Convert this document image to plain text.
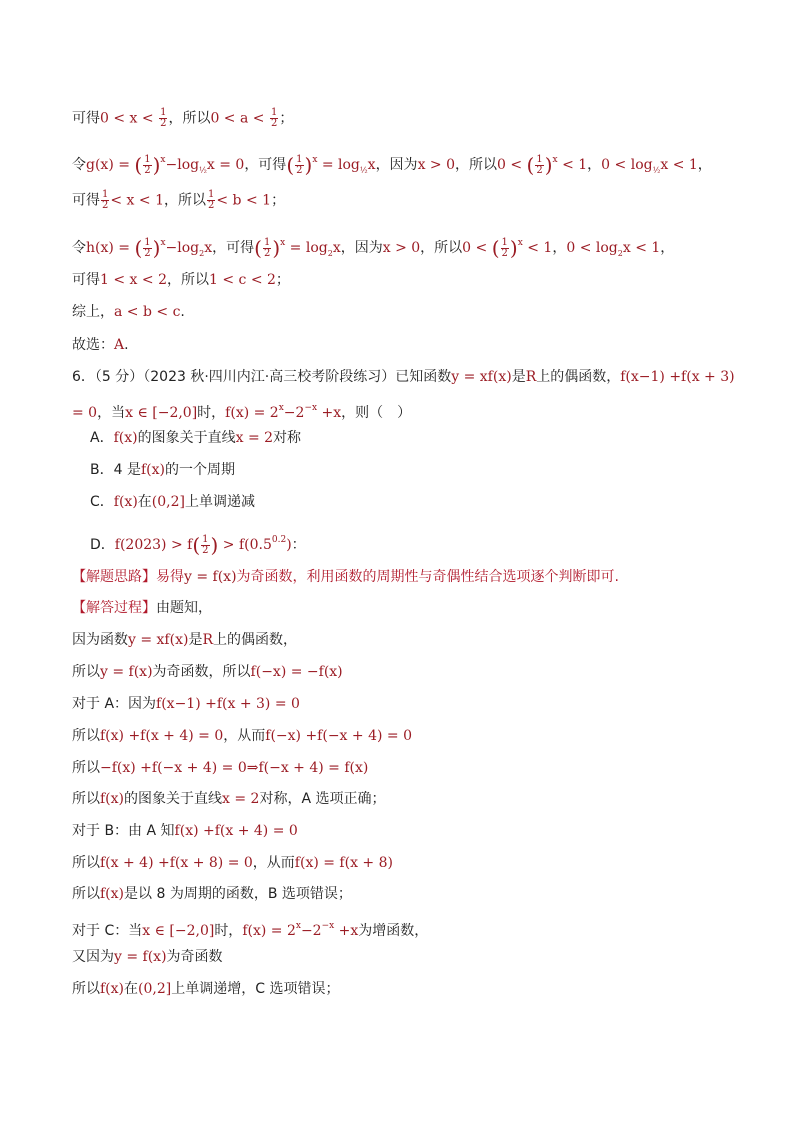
可得$0 < x < \frac{1}{2}$ ，所以$0 < a < \frac{1}{2}$ ；
令g(x) = ( $\frac{1}{2} )^x-\log_{\frac{1}{2}}x = 0$，可得( $\frac{1}{2} )^x = \log_{\frac{1}{2}}x$，因为x > 0，所以0 < ( $\frac{1}{2} )^x < 1$，$0 < \log_{\frac{1}{2}}x < 1$，
可得 $\frac{1}{2} < x < 1$，所以 $\frac{1}{2} < b < 1$；
令h(x) = ( $\frac{1}{2} )^x-\log_2x$，可得( $\frac{1}{2} )^x = \log_2x$，因为x > 0，所以0 < ( $\frac{1}{2} )^x < 1$，$0 < \log_2x < 1$，
可得1 < x < 2，所以1 < c < 2；
综上，a < b < c.
故选：A.
6．（5 分）（2023 秋·四川内江·高三校考阶段练习）已知函数y = xf(x)是R上的偶函数，f(x−1) +f(x + 3)
= 0，当x ∈ [−2,0]时，$f(x) = 2^x-2^{-x} +x$，则（　）
A．f(x)的图象关于直线x = 2对称
B．4 是f(x)的一个周期
C．f(x)在(0,2]上单调递减
D．$f(2023) > f( \frac{1}{2}$ ) > $f(0.5^{0.2})$：
【解题思路】易得y = f(x)为奇函数，利用函数的周期性与奇偶性结合选项逐个判断即可.
【解答过程】由题知，
因为函数y = xf(x)是R上的偶函数，
所以y = f(x)为奇函数，所以f(−x) = −f(x)
对于 A：因为f(x−1) +f(x + 3) = 0
所以f(x) +f(x + 4) = 0，从而f(−x) +f(−x + 4) = 0
所以−f(x) +f(−x + 4) = 0⇒f(−x + 4) = f(x)
所以f(x)的图象关于直线x = 2对称，A 选项正确；
对于 B：由 A 知f(x) +f(x + 4) = 0
所以f(x + 4) +f(x + 8) = 0，从而f(x) = f(x + 8)
所以f(x)是以 8 为周期的函数，B 选项错误；
对于 C：当x ∈ [−2,0]时，$f(x) = 2^x-2^{-x} +x$为增函数，
又因为y = f(x)为奇函数
所以f(x)在(0,2]上单调递增，C 选项错误；
